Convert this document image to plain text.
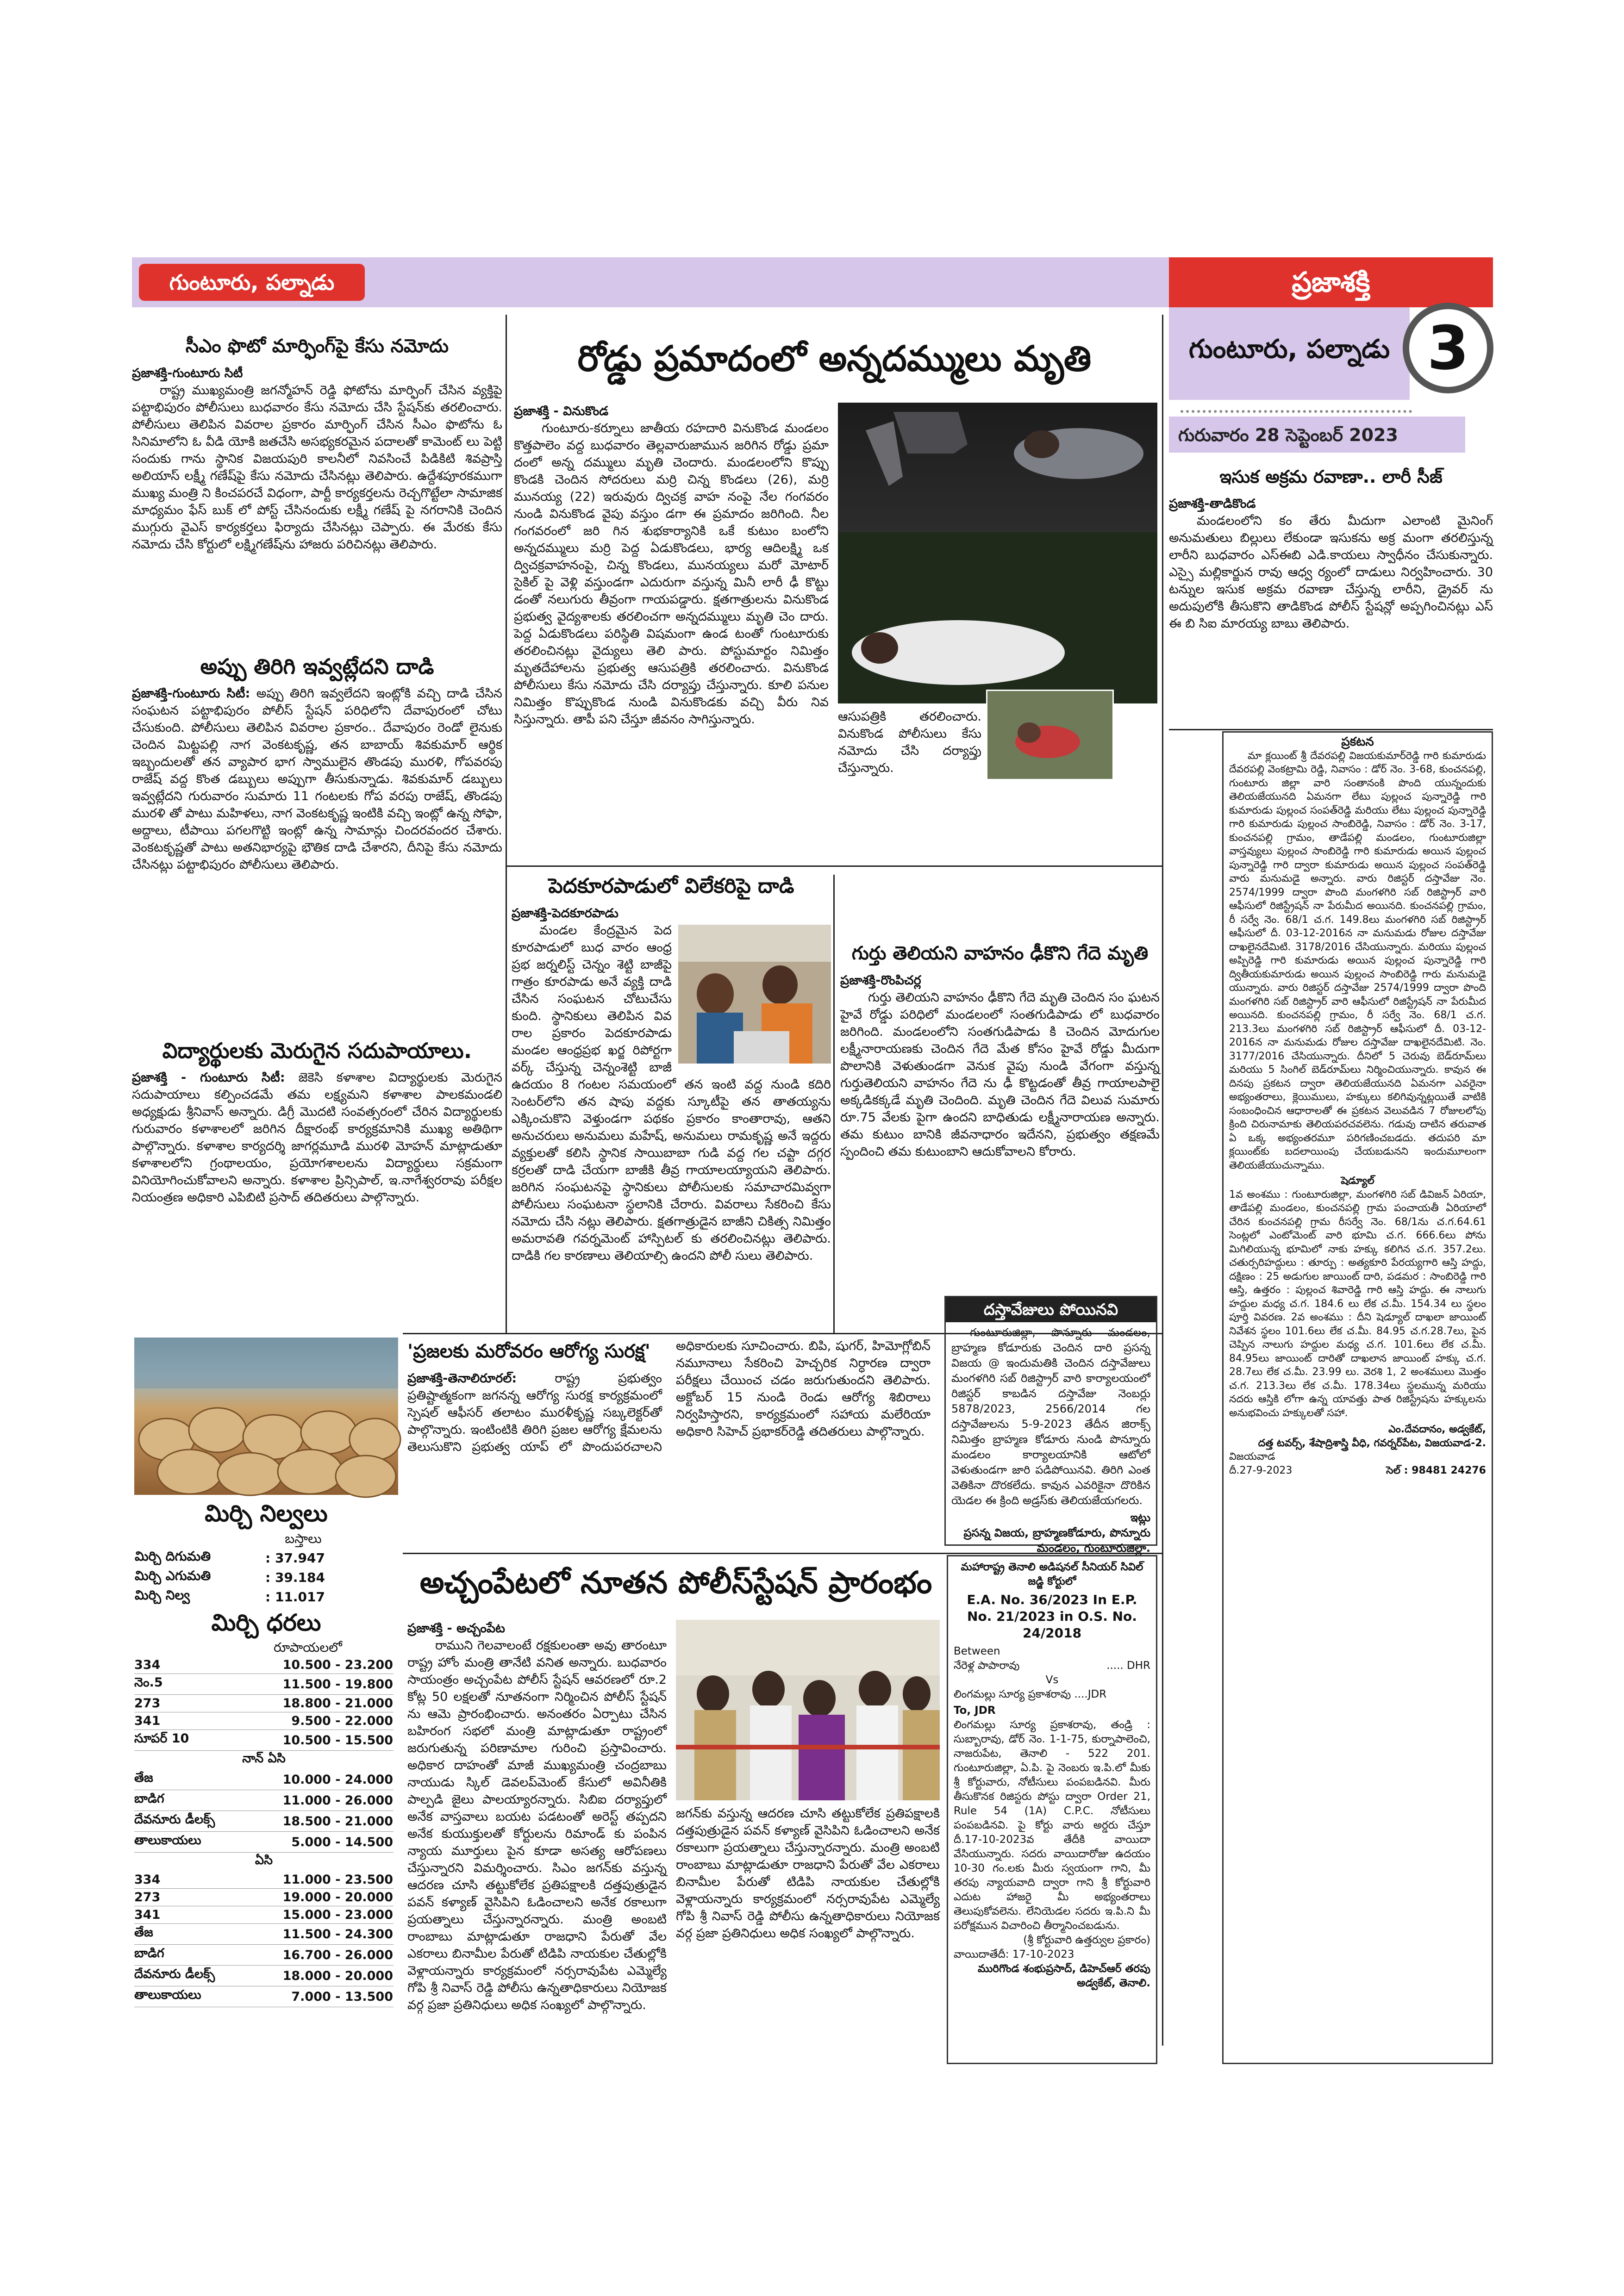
గుంటూరు, పల్నాడు	ప్రజాశక్తి
గుంటూరు, పల్నాడు 3
గురువారం 28 సెప్టెంబర్ 2023
సీఎం ఫొటో మార్ఫింగ్‌పై కేసు నమోదు
ప్రజాశక్తి-గుంటూరు సిటీ
రాష్ట్ర ముఖ్యమంత్రి జగన్మోహన్ రెడ్డి ఫోటోను మార్ఫింగ్ చేసిన వ్యక్తిపై పట్టాభిపురం పోలీసులు బుధవారం కేసు నమోదు చేసి స్టేషన్‌కు తరలించారు. పోలీసులు తెలిపిన వివరాల ప్రకారం మార్ఫింగ్ చేసిన సీఎం ఫొటోను ఓ సినిమాలోని ఓ వీడి యోకి జతచేసి అసభ్యకరమైన పదాలతో కామెంట్ లు పెట్టి సందుకు గాను స్థానిక విజయపురి కాలనీలో నివసించే పిడికిటి శివప్రాస్తి అలియాస్ లక్ష్మీ గణేష్‌పై కేసు నమోదు చేసినట్లు తెలిపారు. ఉద్దేశపూరకముగా ముఖ్య మంత్రి ని కించపరచే విధంగా, పార్టీ కార్యకర్తలను రెచ్చగొట్టేలా సామాజిక మాధ్యమం ఫేస్ బుక్ లో పోస్ట్ చేసినందుకు లక్ష్మీ గణేష్ పై నగరానికి చెందిన ముగ్గురు వైఎస్ కార్యకర్తలు ఫిర్యాదు చేసినట్లు చెప్పారు. ఈ మేరకు కేసు నమోదు చేసి కోర్టులో లక్ష్మిగణేష్‌ను హాజరు పరిచినట్లు తెలిపారు.
అప్పు తిరిగి ఇవ్వట్లేదని దాడి
ప్రజాశక్తి-గుంటూరు సిటీ: అప్పు తిరిగి ఇవ్వలేదని ఇంట్లోకి వచ్చి దాడి చేసిన సంఘటన పట్టాభిపురం పోలీస్ స్టేషన్ పరిధిలోని దేవాపురంలో చోటు చేసుకుంది. పోలీసులు తెలిపిన వివరాల ప్రకారం.. దేవాపురం రెండో లైనుకు చెందిన మిట్టపల్లి నాగ వెంకటకృష్ణ, తన బాబాయ్ శివకుమార్ ఆర్థిక ఇబ్బందులతో తన వ్యాపార భాగ స్వాములైన తొండపు మురళి, గోపవరపు రాజేష్ వద్ద కొంత డబ్బులు అప్పుగా తీసుకున్నాడు. శివకుమార్ డబ్బులు ఇవ్వట్లేదని గురువారం సుమారు 11 గంటలకు గోప వరపు రాజేష్, తొండపు మురళి తో పాటు మహిళలు, నాగ వెంకటకృష్ణ ఇంటికి వచ్చి ఇంట్లో ఉన్న సోఫా, అద్దాలు, టీపాయి పగలగొట్టి ఇంట్లో ఉన్న సామాన్లు చిందరవందర చేశారు. వెంకటకృష్ణతో పాటు అతనిభార్యపై భౌతిక దాడి చేశారని, దీనిపై కేసు నమోదు చేసినట్లు పట్టాభిపురం పోలీసులు తెలిపారు.
విద్యార్థులకు మెరుగైన సదుపాయాలు.
ప్రజాశక్తి - గుంటూరు సిటీ: జెకెసి కళాశాల విద్యార్థులకు మెరుగైన సదుపాయాలు కల్పించడమే తమ లక్ష్యమని కళాశాల పాలకమండలి అధ్యక్షుడు శ్రీనివాస్ అన్నారు. డిగ్రీ మొదటి సంవత్సరంలో చేరిన విద్యార్థులకు గురువారం కళాశాలలో జరిగిన దీక్షారంభ్ కార్యక్రమానికి ముఖ్య అతిథిగా పాల్గొన్నారు. కళాశాల కార్యదర్శి జాగర్లమూడి మురళి మోహన్ మాట్లాడుతూ కళాశాలలోని గ్రంథాలయం, ప్రయోగశాలలను విద్యార్థులు సక్రమంగా వినియోగించుకోవాలని అన్నారు. కళాశాల ప్రిన్సిపాల్, ఇ.నాగేశ్వరరావు పరీక్షల నియంత్రణ అధికారి ఎపిబిటి ప్రసాద్ తదితరులు పాల్గొన్నారు.
మిర్చి నిల్వలు
బస్తాలు
మిర్చి దిగుమతి	: 37.947
మిర్చి ఎగుమతి	: 39.184
మిర్చి నిల్వ	: 11.017
మిర్చి ధరలు
రూపాయలలో
334	10.500 - 23.200
నెం.5	11.500 - 19.800
273	18.800 - 21.000
341	9.500 - 22.000
సూపర్ 10	10.500 - 15.500
నాన్ ఏసి	
తేజ	10.000 - 24.000
బాడిగ	11.000 - 26.000
దేవనూరు డీలక్స్	18.500 - 21.000
తాలుకాయలు	5.000 - 14.500
ఏసి	
334	11.000 - 23.500
273	19.000 - 20.000
341	15.000 - 23.000
తేజ	11.500 - 24.300
బాడిగ	16.700 - 26.000
దేవనూరు డీలక్స్	18.000 - 20.000
తాలుకాయలు	7.000 - 13.500
రోడ్డు ప్రమాదంలో అన్నదమ్ములు మృతి
ప్రజాశక్తి - వినుకొండ
గుంటూరు-కర్నూలు జాతీయ రహదారి వినుకొండ మండలం కొత్తపాలెం వద్ద బుధవారం తెల్లవారుజామున జరిగిన రోడ్డు ప్రమా దంలో అన్న దమ్ములు మృతి చెందారు. మండలంలోని కొప్పు కొండకి చెందిన సోదరులు మర్రి చిన్న కొండలు (26), మర్రి మునయ్య (22) ఇరువురు ద్విచక్ర వాహ నంపై నేల గంగవరం నుండి వినుకొండ వైపు వస్తుం డగా ఈ ప్రమాదం జరిగింది. నీల గంగవరంలో జరి గిన శుభకార్యానికి ఒకే కుటుం బంలోని అన్నదమ్ములు మర్రి పెద్ద ఏడుకొండలు, భార్య ఆదిలక్ష్మి ఒక ద్విచక్రవాహనంపై, చిన్న కొండలు, మునయ్యలు మరో మోటార్ సైకిల్ పై వెళ్లి వస్తుండగా ఎదురుగా వస్తున్న మినీ లారీ ఢీ కొట్టు డంతో నలుగురు తీవ్రంగా గాయపడ్డారు. క్షతగాత్రులను వినుకొండ ప్రభుత్వ వైద్యశాలకు తరలించగా అన్నదమ్ములు మృతి చెం దారు. పెద్ద ఏడుకొండలు పరిస్థితి విషమంగా ఉండ టంతో గుంటూరుకు తరలించినట్లు వైద్యులు తెలి పారు. పోస్టుమార్టం నిమిత్తం మృతదేహాలను ప్రభుత్వ ఆసుపత్రికి తరలించారు. వినుకొండ పోలీసులు కేసు నమోదు చేసి దర్యాప్తు చేస్తున్నారు. కూలి పనుల నిమిత్తం కొప్పుకొండ నుండి వినుకొండకు వచ్చి వీరు నివ సిస్తున్నారు. తాపీ పని చేస్తూ జీవనం సాగిస్తున్నారు.	ఆసుపత్రికి తరలించారు. వినుకొండ పోలీసులు కేసు నమోదు చేసి దర్యాప్తు చేస్తున్నారు.
పెదకూరపాడులో విలేకరిపై దాడి
ప్రజాశక్తి-పెదకూరపాడు
మండల కేంద్రమైన పెద కూరపాడులో బుధ వారం ఆంధ్ర ప్రభ జర్నలిస్ట్ చెన్నం శెట్టి బాజీపై గాత్రం కూరపాడు అనే వ్యక్తి దాడి చేసిన సంఘటన చోటుచేసు కుంది. స్థానికులు తెలిపిన వివ రాల ప్రకారం పెదకూరపాడు మండల ఆంధ్రప్రభ ఖర్జ రిపోర్టగా వర్క్ చేస్తున్న చెన్నంశెట్టి బాజీ ఉదయం 8 గంటల సమయంలో తన ఇంటి వద్ద నుండి కదిరి సెంటర్‌లోని తన షాపు వద్దకు స్కూటీపై తన తాతయ్యను ఎక్కించుకొని వెళ్తుండగా పథకం ప్రకారం కాంతారావు, ఆతని అనుచరులు అనుమలు మహేష్, అనుమలు రామకృష్ణ అనే ఇద్దరు వ్యక్తులతో కలిసి స్థానిక సాయిబాబా గుడి వద్ద గల చప్టా దగ్గర కర్రలతో దాడి చేయగా బాజీకి తీవ్ర గాయాలయ్యాయని తెలిపారు. జరిగిన సంఘటనపై స్థానికులు పోలీసులకు సమాచారమివ్వగా పోలీసులు సంఘటనా స్థలానికి చేరారు. వివరాలు సేకరించి కేసు నమోదు చేసి నట్లు తెలిపారు. క్షతగాత్రుడైన బాజీని చికిత్స నిమిత్తం అమరావతి గవర్నమెంట్ హాస్పిటల్ కు తరలించినట్లు తెలిపారు. దాడికి గల కారణాలు తెలియాల్సి ఉందని పోలీ సులు తెలిపారు.
గుర్తు తెలియని వాహనం ఢీకొని గేదె మృతి
ప్రజాశక్తి-రొంపిచర్ల
గుర్తు తెలియని వాహనం ఢీకొని గేదె మృతి చెందిన సం ఘటన హైవే రోడ్డు పరిధిలో మండలంలో సంతగుడిపాడు లో బుధవారం జరిగింది. మండలంలోని సంతగుడిపాడు కి చెందిన మోదుగుల లక్ష్మీనారాయణకు చెందిన గేదె మేత కోసం హైవే రోడ్డు మీదుగా పొలానికి వెళుతుండగా వెనుక వైపు నుండి వేగంగా వస్తున్న గుర్తుతెలియని వాహనం గేదె ను ఢీ కొట్టడంతో తీవ్ర గాయాలపాలై అక్కడికక్కడే మృతి చెందింది. మృతి చెందిన గేదె విలువ సుమారు రూ.75 వేలకు పైగా ఉందని బాధితుడు లక్ష్మీనారాయణ అన్నారు. తమ కుటుం బానికి జీవనాధారం ఇదేనని, ప్రభుత్వం తక్షణమే స్పందించి తమ కుటుంబాని ఆదుకోవాలని కోరారు.
'ప్రజలకు మరోవరం ఆరోగ్య సురక్ష'
ప్రజాశక్తి-తెనాలిరూరల్:	రాష్ట్ర ప్రభుత్వం ప్రతిష్టాత్మకంగా జగనన్న ఆరోగ్య సురక్ష కార్యక్రమంలో స్పెషల్ ఆఫీసర్ తలాటం మురళీకృష్ణ సబ్కలెక్టర్‌తో పాల్గొన్నారు. ఇంటింటికి తిరిగి ప్రజల ఆరోగ్య క్షేమలను తెలుసుకొని ప్రభుత్వ యాప్ లో పొందుపరచాలని అధికారులకు సూచించారు. బిపి, షుగర్, హిమోగ్లోబిన్ నమూనాలు సేకరించి హెచ్చరిక నిర్ధారణ ద్వారా పరీక్షలు చేయించ చడం జరుగుతుందని తెలిపారు. అక్టోబర్ 15 నుండి రెండు ఆరోగ్య శిబిరాలు నిర్వహిస్తారని, కార్యక్రమంలో సహాయ మలేరియా అధికారి సిహెచ్ ప్రభాకర్‌రెడ్డి తదితరులు పాల్గొన్నారు.
దస్తావేజులు పోయినవి
గుంటూరుజిల్లా, పొన్నూరు మండలం, బ్రాహ్మణ కోడూరుకు చెందిన దారి ప్రసన్న విజయ @ ఇందుమతికి చెందిన దస్తావేజులు మంగళగిరి సబ్ రిజిస్ట్రార్ వారి కార్యాలయంలో రిజిస్టర్ కాబడిన దస్తావేజు నెంబర్లు 5878/2023, 2566/2014 గల దస్తావేజులను 5-9-2023 తేదీన జిరాక్స్ నిమిత్తం బ్రాహ్మణ కోడూరు నుండి పొన్నూరు మండలం కార్యాలయానికి ఆటోలో వెళుతుండగా జారి పడిపోయినవి. తిరిగి ఎంత వెతికినా దొరకలేదు. కావున ఎవరికైనా దొరికిన యెడల ఈ క్రింది అడ్రస్‌కు తెలియజేయగలరు.
ఇట్లు
ప్రసన్న విజయ, బ్రాహ్మణకోడూరు, పొన్నూరు మండలం, గుంటూరుజిల్లా.
అచ్చంపేటలో నూతన పోలీస్‌స్టేషన్ ప్రారంభం
ప్రజాశక్తి - అచ్చంపేట
రాముని గెలవాలంటే రక్షకులంతా అవు తారంటూ రాష్ట్ర హోం మంత్రి తానేటి వనిత అన్నారు. బుధవారం సాయంత్రం అచ్చంపేట పోలీస్ స్టేషన్ ఆవరణలో రూ.2 కోట్ల 50 లక్షలతో నూతనంగా నిర్మించిన పోలీస్ స్టేషన్ ను ఆమె ప్రారంభించారు. అనంతరం ఏర్పాటు చేసిన బహిరంగ సభలో మంత్రి మాట్లాడుతూ రాష్ట్రంలో జరుగుతున్న పరిణామాల గురించి ప్రస్తావించారు. అధికార దాహంతో మాజీ ముఖ్యమంత్రి చంద్రబాబు నాయుడు స్కిల్ డెవలప్‌మెంట్ కేసులో అవినీతికి పాల్పడి జైలు పాలయ్యారన్నారు. సిబిఐ దర్యాప్తులో అనేక వాస్తవాలు బయట పడటంతో అరెస్ట్ తప్పదని అనేక కుయుక్తులతో కోర్టులను రిమాండ్ కు పంపిన న్యాయ మూర్తులు పైన కూడా అసత్య ఆరోపణలు చేస్తున్నారని విమర్శించారు. సిఎం జగన్‌కు వస్తున్న ఆదరణ చూసి తట్టుకోలేక ప్రతిపక్షాలకి దత్తపుత్రుడైన పవన్ కళ్యాణ్ వైసిపిని ఓడించాలని అనేక రకాలుగా ప్రయత్నాలు చేస్తున్నారన్నారు. మంత్రి అంబటి రాంబాబు మాట్లాడుతూ రాజధాని పేరుతో వేల ఎకరాలు బినామీల పేరుతో టిడిపి నాయకుల చేతుల్లోకి వెళ్లాయన్నారు కార్యక్రమంలో నర్సరావుపేట ఎమ్మెల్యే గోపి శ్రీ నివాస్ రెడ్డి పోలీసు ఉన్నతాధికారులు నియోజక వర్గ ప్రజా ప్రతినిధులు అధిక సంఖ్యలో పాల్గొన్నారు.
జగన్‌కు వస్తున్న ఆదరణ చూసి తట్టుకోలేక ప్రతిపక్షాలకి దత్తపుత్రుడైన పవన్ కళ్యాణ్ వైసిపిని ఓడించాలని అనేక రకాలుగా ప్రయత్నాలు చేస్తున్నారన్నారు. మంత్రి అంబటి రాంబాబు మాట్లాడుతూ రాజధాని పేరుతో వేల ఎకరాలు బినామీల పేరుతో టిడిపి నాయకుల చేతుల్లోకి వెళ్లాయన్నారు కార్యక్రమంలో నర్సరావుపేట ఎమ్మెల్యే గోపి శ్రీ నివాస్ రెడ్డి పోలీసు ఉన్నతాధికారులు నియోజక వర్గ ప్రజా ప్రతినిధులు అధిక సంఖ్యలో పాల్గొన్నారు.
మహారాష్ట్ర తెనాలి అడిషనల్ సీనియర్ సివిల్ జడ్జి కోర్టులో
E.A. No. 36/2023 In E.P. No. 21/2023 in O.S. No. 24/2018
Between
నేరెళ్ల పాపారావు	..... DHR
Vs
లింగమల్లు సూర్య ప్రకాశరావు ....JDR
To, JDR
లింగమల్లు సూర్య ప్రకాశరావు, తండ్రి : సుబ్బారావు, డోర్ నెం. 1-1-75, కుర్నాపాలెంచి, నాజరుపేట, తెనాలి - 522 201. గుంటూరుజిల్లా, ఏ.పి. పై నెంబరు ఇ.పి.లో మీకు శ్రీ కోర్టువారు, నోటీసులు పంపబడినవి. మీరు తీసుకొనక రిజిస్టరు పోస్టు ద్వారా Order 21, Rule 54 (1A) C.P.C. నోటీసులు పంపబడినవి. పై కోర్టు వారు అర్డరు చేస్తూ దీ.17-10-2023వ తేదీకి వాయిదా వేసియున్నారు. సదరు వాయిదారోజు ఉదయం 10-30 గం.లకు మీరు స్వయంగా గాని, మీ తరపు న్యాయవాది ద్వారా గాని శ్రీ కోర్టువారి ఎదుట హాజరై మీ అభ్యంతరాలు తెలుపుకోవలెను. లేనియెడల సదరు ఇ.పి.ని మీ పరోక్షమున విచారించి తీర్మానించబడును.
(శ్రీ కోర్టువారి ఉత్తర్వుల ప్రకారం)
వాయిదాతేదీ: 17-10-2023
మురిగొండ శంభుప్రసాద్, డిహెచ్ఆర్ తరపు అడ్వకేట్, తెనాలి.
ఇసుక అక్రమ రవాణా.. లారీ సీజ్
ప్రజాశక్తి-తాడికొండ
మండలంలోని కం తేరు మీదుగా ఎలాంటి మైనింగ్ అనుమతులు బిల్లులు లేకుండా ఇసుకను అక్ర మంగా తరలిస్తున్న లారీని బుధవారం ఎస్ఈబి ఎడి.కాయలు స్వాధీనం చేసుకున్నారు. ఎస్సై మల్లికార్జున రావు ఆధ్వ ర్యంలో దాడులు నిర్వహించారు. 30 టన్నుల ఇసుక అక్రమ రవాణా చేస్తున్న లారీని, డ్రైవర్ ను అదుపులోకి తీసుకొని తాడికొండ పోలీస్ స్టేషన్లో అప్పగించినట్లు ఎస్ ఈ బి సిఐ మారయ్య బాబు తెలిపారు.
ప్రకటన
మా క్లయింట్ శ్రీ దేవరపల్లి విజయకుమార్‌రెడ్డి గారి కుమారుడు దేవరపల్లి వెంకట్రామి రెడ్డి, నివాసం : డోర్ నెం. 3-68, కుంచనపల్లి, గుంటూరు జిల్లా వారి సంతానంకి పొంది యున్నందుకు తెలియజేయునది ఏమనగా లేటు పుల్లంచ పున్నారెడ్డి గారి కుమారుడు పుల్లంచ సంపత్‌రెడ్డి మరియు లేటు పుల్లంచ పున్నారెడ్డి గారి కుమారుడు పుల్లంచ సాంబిరెడ్డి, నివాసం : డోర్ నెం. 3-17, కుంచనపల్లి గ్రామం, తాడేపల్లి మండలం, గుంటూరుజిల్లా వాస్తవ్యులు పుల్లంచ సాంబిరెడ్డి గారి కుమారుడు అయిన పుల్లంచ పున్నారెడ్డి గారి ద్వారా కుమారుడు అయిన పుల్లంచ సంపత్‌రెడ్డి వారు మనుమడై అన్నారు. వారు రిజిస్టర్ దస్తావేజు నెం. 2574/1999 ద్వారా పొంది మంగళగిరి సబ్ రిజిస్ట్రార్ వారి ఆఫీసులో రిజిస్ట్రేషన్ నా పేరుమీద అయినది. కుంచనపల్లి గ్రామం, రీ సర్వే నెం. 68/1 చ.గ. 149.8లు మంగళగిరి సబ్ రిజిస్ట్రార్ ఆఫీసులో దీ. 03-12-2016న నా మనుమడు రోజుల దస్తావేజు దాఖలైనదేమిటి. 3178/2016 చేసియున్నారు. మరియు పుల్లంచ అప్పిరెడ్డి గారి కుమారుడు అయిన పుల్లంచ పున్నారెడ్డి గారి ద్వితీయకుమారుడు అయిన పుల్లంచ సాంబిరెడ్డి గారు మనుమడై యున్నారు. వారు రిజిస్టర్ దస్తావేజు 2574/1999 ద్వారా పొంది మంగళగిరి సబ్ రిజిస్ట్రార్ వారి ఆఫీసులో రిజిస్ట్రేషన్ నా పేరుమీద అయినది. కుంచనపల్లి గ్రామం, రీ సర్వే నెం. 68/1 చ.గ. 213.3లు మంగళగిరి సబ్ రిజిస్ట్రార్ ఆఫీసులో దీ. 03-12-2016న నా మనుమడు రోజుల దస్తావేజు దాఖలైనదేమిటి. నెం. 3177/2016 చేసియున్నారు. దీనిలో 5 చెరువు బెడ్‌‌రూమ్‌లు మరియు 5 సింగిల్ బెడ్‌రూమ్‌లు నిర్మించియున్నారు. కావున ఈ దినపు ప్రకటన ద్వారా తెలియజేయునది ఏమనగా ఎవరైనా అభ్యంతరాలు, క్లెయిములు, హక్కులు కలిగివున్నట్లయితే వాటికి సంబంధించిన ఆధారాలతో ఈ ప్రకటన వెలువడిన 7 రోజులలోపు క్రింది చిరునామాకు తెలియపరచవలెను. గడువు దాటిన తరువాత ఏ ఒక్క అభ్యంతరమూ పరిగణించబడదు. తదుపరి మా క్లయింట్‌కు బదలాయింపు చేయబడునని ఇందుమూలంగా తెలియజేయుచున్నాము.
షెడ్యూల్
1వ అంశము : గుంటూరుజిల్లా, మంగళగిరి సబ్ డివిజన్ ఏరియా, తాడేపల్లి మండలం, కుంచనపల్లి గ్రామ పంచాయతీ ఏరియాలో చేరిన కుంచనపల్లి గ్రామ రీసర్వే నెం. 68/1ను చ.గ.64.61 సెంట్లలో ఎంటోమెంట్ వారి భూమి చ.గ. 666.6లు పోను మిగిలియున్న భూమిలో నాకు హక్కు కలిగిన చ.గ. 357.2లు. చతుర్సరిహద్దులు : తూర్పు : అత్యకూరి పేరయ్యగారి ఆస్తి హద్దు, దక్షిణం : 25 అడుగుల జాయింట్ దారి, పడమర : సాంబిరెడ్డి గారి ఆస్తి, ఉత్తరం : పుల్లంచ శివారెడ్డి గారి ఆస్తి హద్దు. ఈ నాలుగు హద్దుల మధ్య చ.గ. 184.6 లు లేక చ.మీ. 154.34 లు స్థలం పూర్తి వివరణ. 2వ అంశము : దీని షెడ్యూల్ దాఖలా జాయింట్ నివేశన స్థలం 101.6లు లేక చ.మీ. 84.95 చ.గ.28.7లు, పైన చెప్పిన నాలుగు హద్దుల మధ్య చ.గ. 101.6లు లేక చ.మీ. 84.95లు జాయింట్ దారితో దాఖలాన జాయింట్ హక్కు చ.గ. 28.7లు లేక చ.మీ. 23.99 లు. వెరశి 1, 2 అంశములు మొత్తం చ.గ. 213.3లు లేక చ.మీ. 178.34లు స్థలమున్న మరియు నదరు ఆస్తికి లోగా ఉన్న యావత్తు పాత రిజిస్ట్రేషను హక్కులను అనుభవించు హక్కులతో సహా.
ఎం.దేవదానం, అడ్వకేట్,
దత్త టవర్స్, శేషాద్రిశాస్త్రి వీధి, గవర్నర్‌పేట, విజయవాడ-2.
విజయవాడ
దీ.27-9-2023	సెల్ : 98481 24276
